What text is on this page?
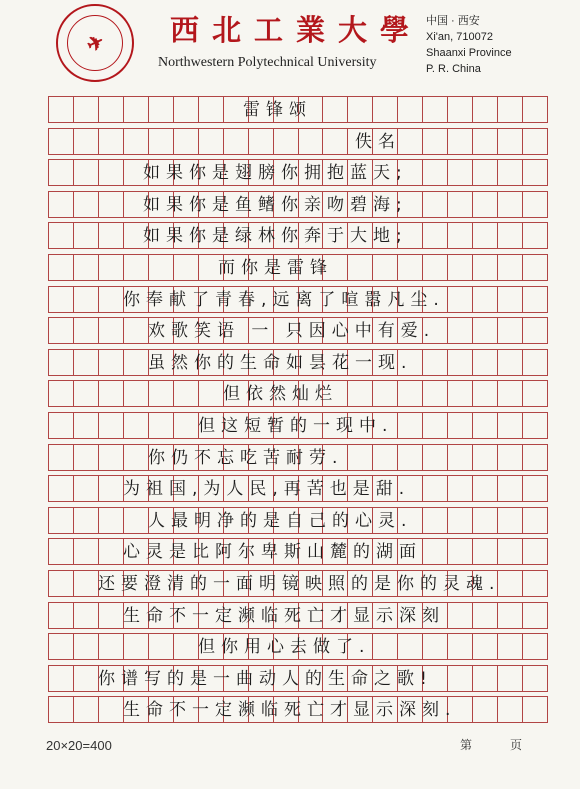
✈ 西 北 工 業 大 學
Northwestern Polytechnical University
中国 · 西安
Xi'an, 710072
Shaanxi Province
P. R. China
雷锋颂
佚名
如果你是翅膀你拥抱蓝天;
如果你是鱼鳍你亲吻碧海;
如果你是绿林你奔于大地;
而你是雷锋
你奉献了青春,远离了喧嚣凡尘.
欢歌笑语 一 只因心中有爱.
虽然你的生命如昙花一现.
但依然灿烂
但这短暂的一现中.
你仍不忘吃苦耐劳.
为祖国,为人民,再苦也是甜.
人最明净的是自己的心灵.
心灵是比阿尔卑斯山麓的湖面
还要澄清的一面明镜映照的是你的灵魂.
生命不一定濒临死亡才显示深刻
但你用心去做了.
你谱写的是一曲动人的生命之歌!
生命不一定濒临死亡才显示深刻.
20×20=400	第	页
